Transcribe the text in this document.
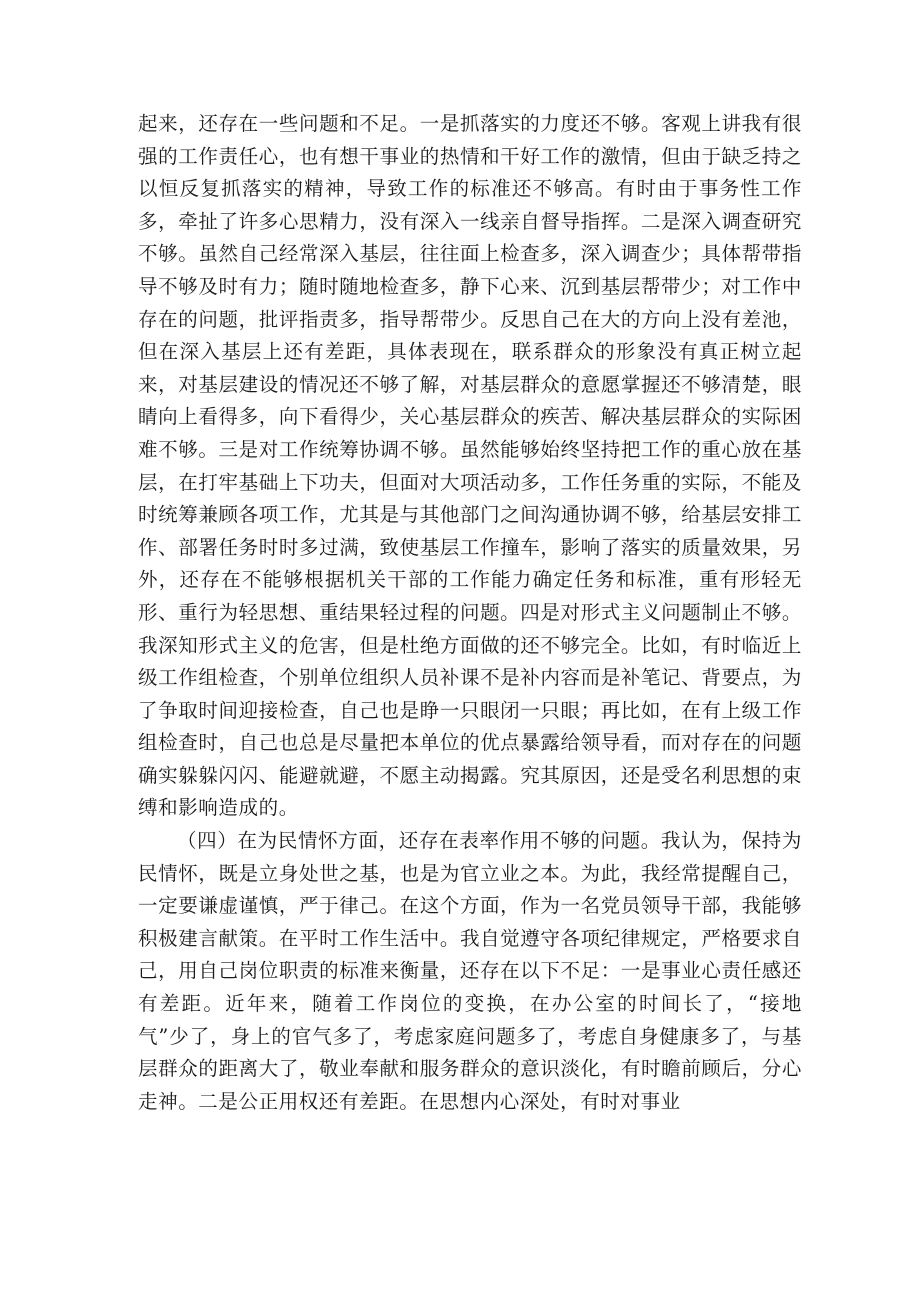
起来，还存在一些问题和不足。一是抓落实的力度还不够。客观上讲我有很强的工作责任心，也有想干事业的热情和干好工作的激情，但由于缺乏持之以恒反复抓落实的精神，导致工作的标准还不够高。有时由于事务性工作多，牵扯了许多心思精力，没有深入一线亲自督导指挥。二是深入调查研究不够。虽然自己经常深入基层，往往面上检查多，深入调查少；具体帮带指导不够及时有力；随时随地检查多，静下心来、沉到基层帮带少；对工作中存在的问题，批评指责多，指导帮带少。反思自己在大的方向上没有差池，但在深入基层上还有差距，具体表现在，联系群众的形象没有真正树立起来，对基层建设的情况还不够了解，对基层群众的意愿掌握还不够清楚，眼睛向上看得多，向下看得少，关心基层群众的疾苦、解决基层群众的实际困难不够。三是对工作统筹协调不够。虽然能够始终坚持把工作的重心放在基层，在打牢基础上下功夫，但面对大项活动多，工作任务重的实际，不能及时统筹兼顾各项工作，尤其是与其他部门之间沟通协调不够，给基层安排工作、部署任务时时多过满，致使基层工作撞车，影响了落实的质量效果，另外，还存在不能够根据机关干部的工作能力确定任务和标准，重有形轻无形、重行为轻思想、重结果轻过程的问题。四是对形式主义问题制止不够。我深知形式主义的危害，但是杜绝方面做的还不够完全。比如，有时临近上级工作组检查，个别单位组织人员补课不是补内容而是补笔记、背要点，为了争取时间迎接检查，自己也是睁一只眼闭一只眼；再比如，在有上级工作组检查时，自己也总是尽量把本单位的优点暴露给领导看，而对存在的问题确实躲躲闪闪、能避就避，不愿主动揭露。究其原因，还是受名利思想的束缚和影响造成的。

（四）在为民情怀方面，还存在表率作用不够的问题。我认为，保持为民情怀，既是立身处世之基，也是为官立业之本。为此，我经常提醒自己，一定要谦虚谨慎，严于律己。在这个方面，作为一名党员领导干部，我能够积极建言献策。在平时工作生活中。我自觉遵守各项纪律规定，严格要求自己，用自己岗位职责的标准来衡量，还存在以下不足：一是事业心责任感还有差距。近年来，随着工作岗位的变换，在办公室的时间长了，“接地气”少了，身上的官气多了，考虑家庭问题多了，考虑自身健康多了，与基层群众的距离大了，敬业奉献和服务群众的意识淡化，有时瞻前顾后，分心走神。二是公正用权还有差距。在思想内心深处，有时对事业
